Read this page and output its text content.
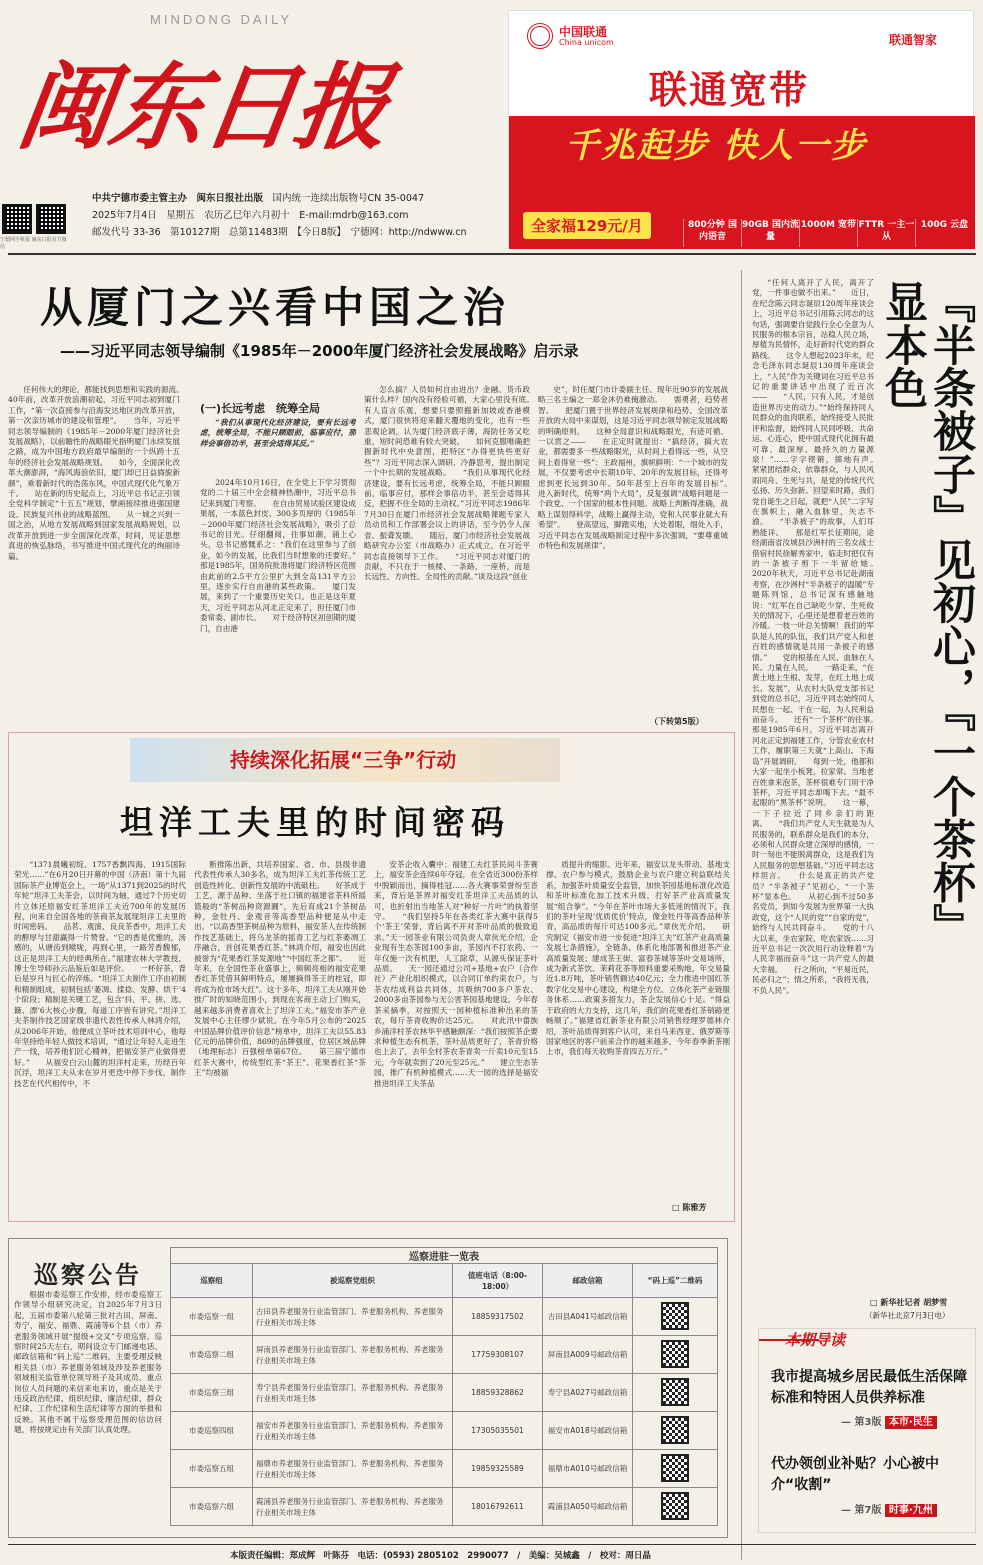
MINDONG DAILY
闽东日报
宁德网手机报 闽东日报官方微信
中共宁德市委主管主办　闽东日报社出版　 国内统一连续出版物号CN 35-0047
2025年7月4日　星期五　农历乙巳年六月初十　 E-mail:mdrb@163.com
邮发代号 33-36　第10127期　总第11483期　【今日8版】　宁德网：http://ndwww.cn
中国联通
China unicom	联通智家
联通宽带
千兆起步 快人一步
全家福129元/月	800分钟 国内语音
90GB 国内流量
1000M 宽带 FTTR 一主一从
100G 云盘
从厦门之兴看中国之治
——习近平同志领导编制《1985年－2000年厦门经济社会发展战略》启示录

任何伟大的理论，都能找到思想和实践的源流。　　40年前，改革开放浪潮初起，习近平同志初到厦门工作，“第一次直接参与沿海发达地区的改革开放，第一次亲历城市的建设和管理”。　　当年，习近平同志领导编制的《1985年－2000年厦门经济社会发展战略》，以前瞻性的战略眼光指明厦门永续发展之路，成为中国地方政府最早编制的一个纵跨十五年的经济社会发展战略规划。　　如今，全面深化改革大潮澎湃，“海风海浪依旧，厦门却已日益旖旎新颜”，乘着新时代的浩荡东风，中国式现代化气象万千。　　站在新的历史起点上，习近平总书记正引领全党科学制定“十五五”规划，擘画接续推进强国建设、民族复兴伟业的战略蓝图。　　从一城之兴到一国之治，从地方发展战略到国家发展战略规划，以改革开放到进一步全面深化改革，时间，见证思想真进的恢弘脉络，书写推进中国式现代化的绚丽诗篇。

(一)长远考虑　统筹全局

“我们从事现代化经济建设，要有长远考虑，统筹全局，不能只顾眼前，临事应付，那样会事倍功半，甚至会适得其反。”

2024年10月16日，在全党上下学习贯彻党的二十届三中全会精神热潮中，习近平总书记来到厦门考察。　　在自由贸易试验区建设成果展，一本蓝色封皮、300多页厚的《1985年－2000年厦门经济社会发展战略》，吸引了总书记的目光。仔细翻阅，往事如潮，涌上心头，总书记感慨系之：“我们在这里参与了创业，如今的发展，比我们当时想象的还要好。”　　那是1985年，国务院批准将厦门经济特区范围由此前的2.5平方公里扩大到全岛131平方公里，逐步实行自由港的某些政策。　　厦门发展，来到了一个重要历史关口。也正是这年夏天，习近平同志从河北正定来了，担任厦门市委常委、副市长。　　对于经济特区初创期的厦门，自由港

怎么搞？人员如何自由进出？金融、货币政策什么样？国内没有经验可循，大家心里没有底。　　有人直言乐观，想要只要照搬新加坡或香港模式，厦门很快将迎来翻天覆地的变化，也有一些悲观论调，认为厦门经济底子薄，海防任务又吃重，短时间恐难有较大突破。　　如何克服唯确把握新时代中央意图，把特区“办得更快些更好些”？习近平同志深入调研、冷静思考，提出制定一个中长期的发展战略。　　“我们从事现代化经济建设，要有长远考虑，统筹全局，不能只顾眼前，临事应付，那样会事倍功半，甚至会适得其反，把握不住全局的主动权。”习近平同志1986年7月30日在厦门市经济社会发展战略课题专家人员动员和工作部署会议上的讲话，至今仍令人深省、振聋发聩。　　随后，厦门市经济社会发展战略研究办公室（市战略办）正式成立，在习近平同志直接领导下工作。　　“习近平同志对厦门的贡献，不只在于一核楼、一条路、一座桥，而是长远性、方向性、全局性的贡献。”谈及这段“创业

史”，时任厦门市计委副主任、现年近90岁的发展战略三名主编之一郑金沐仍难掩激动。　　需勇者，趋势者智。　　把厦门置于世界经济发展规律和趋势、全国改革开放的大局中来谋划，这是习近平同志领导制定发展战略的明确原则。　　这种全局意识和战略眼光，有迹可循、一以贯之——　　在正定时就提出：“搞经济，搞大农业，都需要多一些战略眼光，从时间上看得远一些，从空间上看得宽一些”；主政福州，旗帜鲜明：“一个城市的发展，不仅要考虑中长期10年、20年的发展目标，还得考虑到更长远到30年、50年甚至上百年的发展目标”。　　进入新时代，统筹“两个大局”，反复强调“战略问题是一个政党、一个国家的根本性问题。战略上判断得准确，战略上谋划得科学，战略上赢得主动，党和人民事业就大有希望”。　　登高望远，脚踏实地，大处着眼，细处入手，习近平同志在发展战略制定过程中多次强调，“要尊重城市特色和发展规律”。

（下转第5版）

“任何人离开了人民，离开了党，一件事也做不出来。”　　近日，在纪念陈云同志诞辰120周年座谈会上，习近平总书记引用陈云同志的这句话，强调要自觉践行全心全意为人民服务的根本宗旨，站稳人民立场，厚植为民情怀，走好新时代党的群众路线。　　这令人想起2023年末，纪念毛泽东同志诞辰130周年座谈会上，“人民”作为关键词在习近平总书记的重要讲话中出现了近百次——　　“人民，只有人民，才是创造世界历史的动力。”“始终保持同人民群众的血肉联系，始终接受人民批评和监督，始终同人民同呼吸、共命运、心连心，使中国式现代化拥有最可靠、最深厚、最持久的力量源泉！”……字字铿锵，掷地有声。　　紧紧团结群众、依靠群众，与人民风雨同舟、生死与共，是党的传统代代弘扬、历久弥新。回望来时路，我们党自诞生之日起，就把“人民”二字写在旗帜上，融入血脉里，矢志不渝。　　“半条被子”的故事，人们耳熟能详。　　那是红军长征期间，途经湖南省汝城县沙洲村的三名女战士借宿村民徐解秀家中，临走时把仅有的一条被子剪下一半留给她。　　2020年秋天，习近平总书记赴湖南考察，在沙洲村“半条被子的温暖”专题陈列馆，总书记深有感触地说：“红军在自己缺吃少穿、生死攸关的情况下，心里还是想着老百姓的冷暖。一枝一叶总关情啊！我们的军队是人民的队伍，我们共产党人和老百姓的感情就是共用一条被子的感情。”　　党的根基在人民、血脉在人民、力量在人民。　　一路走来，“在黄土地上生根、发芽，在红土地上成长、发展”，从农村大队党支部书记到党的总书记，习近平同志始终同人民想在一起、干在一起，为人民利益而奋斗。　　还有“一个茶杯”的往事。　　那是1985年6月，习近平同志离开河北正定到福建工作，分管农业农村工作，履职第三天就“上高山、下海岛”开展调研。　　每到一处，他都和大家一起坐小板凳，拉家常。当地老百姓拿来泡茶，茶杯很难专门用干净茶杯，习近平同志却喝下去。“最不起眼的”黑茶杯”说明。　　这一幕，一下子拉近了同乡亲们的距离。　　“我们共产党人天生就是为人民服务的，联系群众是我们的本分，必须和人民群众建立深厚的感情，一时一刻也不能脱离群众，这是我们为人民服务的思想基础。”习近平同志这样坦言。　　什么是真正的共产党员？“半条被子”见初心，“一个茶杯”显本色。　　从初心到不过50多名党员，到如今发展为世界第一大执政党，这个“人民的党”“自家的党”，始终与人民共同奋斗。　　党的十八大以来，坐农家院、吃农家饭……习近平总书记一次次用行动诠释着“为人民幸福而奋斗”这一共产党人的最大幸福。　　行之所向，“平易近民，民必归之”；情之所系，“我将无我，不负人民”。

『半条被子』见初心，『一个茶杯』显本色
□ 新华社记者 胡梦雪
（新华社北京7月3日电）
本期导读
我市提高城乡居民最低生活保障标准和特困人员供养标准
— 第3版 本市·民生
代办领创业补贴？小心被中介“收割”
— 第7版 时事·九州
持续深化拓展“三争”行动
坦洋工夫里的时间密码

“1371晨曦初绽、1757香飘四海、1915国际荣光……”在6月20日开幕的中国（济南）第十九届国际茶产业博览会上，一场“从1371到2025的时代年轮”坦洋工夫茶会，以时间为轴，通过7个历史切片立体还原福安红茶坦洋工夫近700年的发展历程，向来自全国各地的茶商茶友展现坦洋工夫里的时间密码。　　品茗、观演、良良茶香中，坦洋工夫的醇厚与甘甜赢得一片赞誉。“它的香是优雅的，汤感的，从塘齿到喉咙，再到心里，一路芳香馥郁，这正是坦洋工夫的经典所在。”福建农林大学教授、博士生导师孙云品鉴后如是评价。　　一杯好茶，背后是岁月与匠心的淬炼。“坦洋工夫制作工序由初制和精制组成，初制包括‘萎凋、揉捻、发酵、烘干’4个阶段；精制是关键工艺，包含‘抖、平、拼、选、簸、漂’6大核心步骤，每道工序皆有讲究。”坦洋工夫茶制作技艺国家级非遗代表性传承人林鸿介绍，从2006年开始，他便成立茶叶技术培训中心，他每年坚持给年轻人做技术培训，“通过让年轻人走进生产一线，培养他们匠心精神，把福安茶产业做得更好。”　　从福安白云山麓的坦洋村走来，历经百年沉浮，坦洋工夫从未在岁月更迭中停下步伐，制作技艺在代代相传中，不

断推陈出新，共培养国家、省、市、县级非遗代表性传承人30多名，成为坦洋工夫红茶传统工艺创造性转化、创新性发展的中流砥柱。　　好茶成于工艺，源于品种。坐落于社口镇的福建省茶科所摇篮般的“茶树品种资源圃”，先后育成21个茶树品种，金牡丹、金观音等高香型品种便是从中走出。“以高香型茶树品种为原料，福安茶人在传统制作技艺基础上，将乌龙茶的摇青工艺与红茶萎凋工序融合，首创花果香红茶。”林鸿介绍，福安也因此被誉为“花果香红茶发源地”“中国红茶之都”。　　近年来，在全国性茶业盛事上，频频亮相的福安花果香红茶凭借其鲜明特点，屡屡摘得茶王的桂冠，即将成为抢市场大红”。这十多年，坦洋工夫从刚开始推广时的知晓范围小，到现在客商主动上门购买，越来越多消费者喜欢上了坦洋工夫。”福安市茶产业发展中心主任缪少斌说。在今年5月公布的“2025中国品牌价值评价信息”榜单中，坦洋工夫以55.83亿元的品牌价值，869的品牌强度，位居区域品牌（地理标志）百强榜单第67位。　　第三届宁德市红茶大赛中，传统型红茶“茶王”、花果香红茶“茶王”均被福

安茶企收入囊中；福建工夫红茶民间斗茶赛上，福安茶企连续6年夺冠，在全省近300份茶样中脱颖而出，摘得桂冠……各大赛事荣誉纷至沓来，背后是茶界对福安红茶坦洋工夫品质的认可，也折射出当地茶人对“种好一片叶”的执着坚守。　　“我们坚持5年在各类红茶大赛中获得5个‘茶王’荣誉，背后离不开对茶叶品质的极致追求。”天一园茶业有限公司负责人章伙光介绍，企业现有生态茶园100多亩，茶园内不打农药、一年仅施一次有机肥，人工除草，从源头保证茶叶品质。　　天一园还通过公司+基地+农户（合作社）产业化组织模式，以合同订单约束农户，与茶农结成利益共同体，共吸纳700多户茶农、2000多亩茶园参与无公害茶园基地建设。今年春茶采摘季，对按照天一园种植标准种出来的茶农，每斤茶青收购价达25元。　　对此汛中畲族乡涌洋村茶农林华平感触颇深：“我们按照茶企要求种植生态有机茶，茶叶品质更好了，茶青价格也上去了，去年全村茶农茶青卖一斤卖10元至15元，今年就卖到了20元至25元。”　　建立生态茶园，推广有机种植模式……天一园的选择是福安推进坦洋工夫茶品

质提升的缩影。近年来，福安以龙头带动、基地支撑、农户参与模式，鼓励企业与农户建立利益联结关系，加强茶叶质量安全监管，加快茶园基地标准化改造和茶叶标准化加工技术升级，打好茶产业高质量发展“组合拳”。“今年在茶叶市场大多低迷的情况下，我们的茶叶呈现‘优质优价’特点，像金牡丹等高香品种茶青，高品质的每斤可达100多元。”章伙光介绍。　　研究制定《福安市进一步促进“坦洋工夫”红茶产业高质量发展七条措施》，全链条、体系化地部署和推进茶产业高质量发展；建成茶王街、富春茶城等茶叶交易场所，成为新式茶饮、茉莉花茶等原料重要采购地，年交易量近1.8万吨，茶叶销售额达40亿元；全力推进中国红茶数字化交易中心建设，构建全方位、立体化茶产业链服务体系……政策多措发力，茶企发展信心十足。“得益于政府的大力支持，这几年，我们的花果香红茶销路更畅顺了。”福建省红新茶业有限公司销售经理罗德林介绍，茶叶品质得到客户认可，来自马来西亚、俄罗斯等国家地区的客户前来合作的越来越多，今年春季新茶刚上市，我们每天收购茶青四五万斤。”

□ 陈雅芳
巡察公告

根据市委巡察工作安排，经市委巡察工作领导小组研究决定，自2025年7月3日起，五届市委第八轮第三批对古田、屏南、寿宁、福安、福鼎、霞浦等6个县（市）养老服务领域开展“提级+交叉”专项巡察。巡察时间25天左右，期间设立专门邮递电话、邮政信箱和“码上巡”二维码。主要受理反映相关县（市）养老服务领域及涉及养老服务领域相关监管单位领导班子及其成员、重点岗位人员问题的来信来电来访，重点是关于违反政治纪律、组织纪律、廉洁纪律、群众纪律、工作纪律和生活纪律等方面的举报和反映。其他不属于巡察受理范围的信访问题，将按规定由有关部门认真处理。

巡察进驻一览表				
巡察组	被巡察党组织	值班电话（8:00-18:00）	邮政信箱	“码上巡”二维码
市委巡察一组	古田县养老服务行业监管部门、养老服务机构、养老服务行业相关市场主体	18859317502	古田县A041号邮政信箱	
市委巡察二组	屏南县养老服务行业监管部门、养老服务机构、养老服务行业相关市场主体	17759308107	屏南县A009号邮政信箱	
市委巡察三组	寿宁县养老服务行业监管部门、养老服务机构、养老服务行业相关市场主体	18859328862	寿宁县A027号邮政信箱	
市委巡察四组	福安市养老服务行业监管部门、养老服务机构、养老服务行业相关市场主体	17305035501	福安市A018号邮政信箱	
市委巡察五组	福鼎市养老服务行业监管部门、养老服务机构、养老服务行业相关市场主体	19859325589	福鼎市A010号邮政信箱	
市委巡察六组	霞浦县养老服务行业监管部门、养老服务机构、养老服务行业相关市场主体	18016792611	霞浦县A050号邮政信箱	
本版责任编辑：郑成辉　叶陈芬　电话：(0593) 2805102　2990077　/　美编：吴城鑫　/　校对：周日晶
